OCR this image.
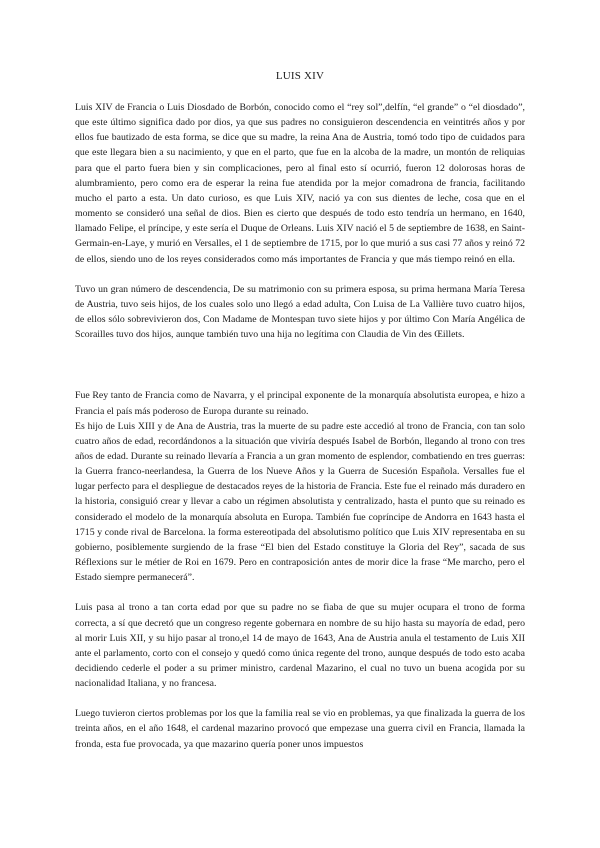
LUIS XIV

Luis XIV de Francia o Luis Diosdado de Borbón, conocido como el “rey sol”,delfín, “el grande” o “el diosdado”, que este último significa dado por dios, ya que sus padres no consiguieron descendencia en veintitrés años y por ellos fue bautizado de esta forma, se dice que su madre, la reina Ana de Austria, tomó todo tipo de cuidados para que este llegara bien a su nacimiento, y que en el parto, que fue en la alcoba de la madre, un montón de reliquias para que el parto fuera bien y sin complicaciones, pero al final esto sí ocurrió, fueron 12 dolorosas horas de alumbramiento, pero como era de esperar la reina fue atendida por la mejor comadrona de francia, facilitando mucho el parto a esta. Un dato curioso, es que Luis XIV, nació ya con sus dientes de leche, cosa que en el momento se consideró una señal de dios. Bien es cierto que después de todo esto tendría un hermano, en 1640, llamado Felipe, el príncipe, y este sería el Duque de Orleans. Luis XIV nació el 5 de septiembre de 1638, en Saint-Germain-en-Laye, y murió en Versalles, el 1 de septiembre de 1715, por lo que murió a sus casi 77 años y reinó 72 de ellos, siendo uno de los reyes considerados como más importantes de Francia y que más tiempo reinó en ella.

Tuvo un gran número de descendencia, De su matrimonio con su primera esposa, su prima hermana María Teresa de Austria, tuvo seis hijos, de los cuales solo uno llegó a edad adulta, Con Luisa de La Vallière tuvo cuatro hijos, de ellos sólo sobrevivieron dos, Con Madame de Montespan tuvo siete hijos y por último Con María Angélica de Scorailles tuvo dos hijos, aunque también tuvo una hija no legítima con Claudia de Vin des Œillets.

Fue Rey tanto de Francia como de Navarra, y el principal exponente de la monarquía absolutista europea, e hizo a Francia el país más poderoso de Europa durante su reinado.

Es hijo de Luis XIII y de Ana de Austria, tras la muerte de su padre este accedió al trono de Francia, con tan solo cuatro años de edad, recordándonos a la situación que viviría después Isabel de Borbón, llegando al trono con tres años de edad. Durante su reinado llevaría a Francia a un gran momento de esplendor, combatiendo en tres guerras: la Guerra franco-neerlandesa, la Guerra de los Nueve Años y la Guerra de Sucesión Española. Versalles fue el lugar perfecto para el despliegue de destacados reyes de la historia de Francia. Este fue el reinado más duradero en la historia, consiguió crear y llevar a cabo un régimen absolutista y centralizado, hasta el punto que su reinado es considerado el modelo de la monarquía absoluta en Europa. También fue copríncipe de Andorra en 1643 hasta el 1715 y conde rival de Barcelona. la forma estereotipada del absolutismo político que Luis XIV representaba en su gobierno, posiblemente surgiendo de la frase “El bien del Estado constituye la Gloria del Rey”, sacada de sus Réflexions sur le métier de Roi en 1679. Pero en contraposición antes de morir dice la frase “Me marcho, pero el Estado siempre permanecerá”.

Luis pasa al trono a tan corta edad por que su padre no se fiaba de que su mujer ocupara el trono de forma correcta, a sí que decretó que un congreso regente gobernara en nombre de su hijo hasta su mayoría de edad, pero al morir Luis XII, y su hijo pasar al trono,el 14 de mayo de 1643, Ana de Austria anula el testamento de Luis XII ante el parlamento, corto con el consejo y quedó como única regente del trono, aunque después de todo esto acaba decidiendo cederle el poder a su primer ministro, cardenal Mazarino, el cual no tuvo un buena acogida por su nacionalidad Italiana, y no francesa.

Luego tuvieron ciertos problemas por los que la familia real se vio en problemas, ya que finalizada la guerra de los treinta años, en el año 1648, el cardenal mazarino provocó que empezase una guerra civil en Francia, llamada la fronda, esta fue provocada, ya que mazarino quería poner unos impuestos
